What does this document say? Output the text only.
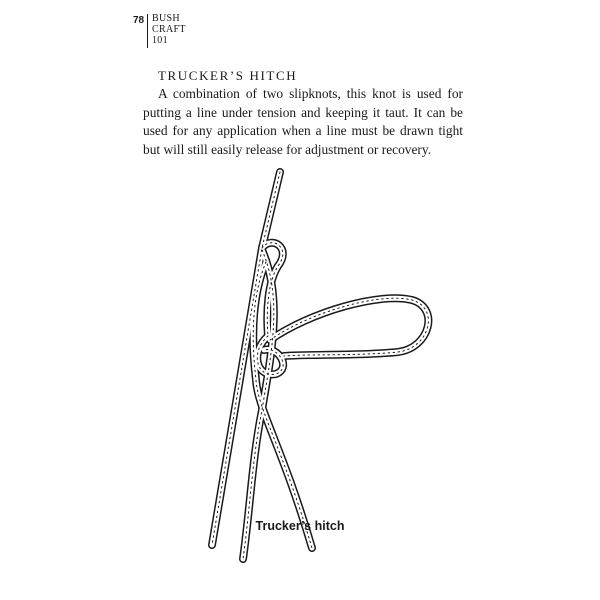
78 BUSH
CRAFT
101
TRUCKER’S HITCH

A combination of two slipknots, this knot is used for putting a line under tension and keeping it taut. It can be used for any application when a line must be drawn tight but will still easily release for adjustment or recovery.

Trucker’s hitch
